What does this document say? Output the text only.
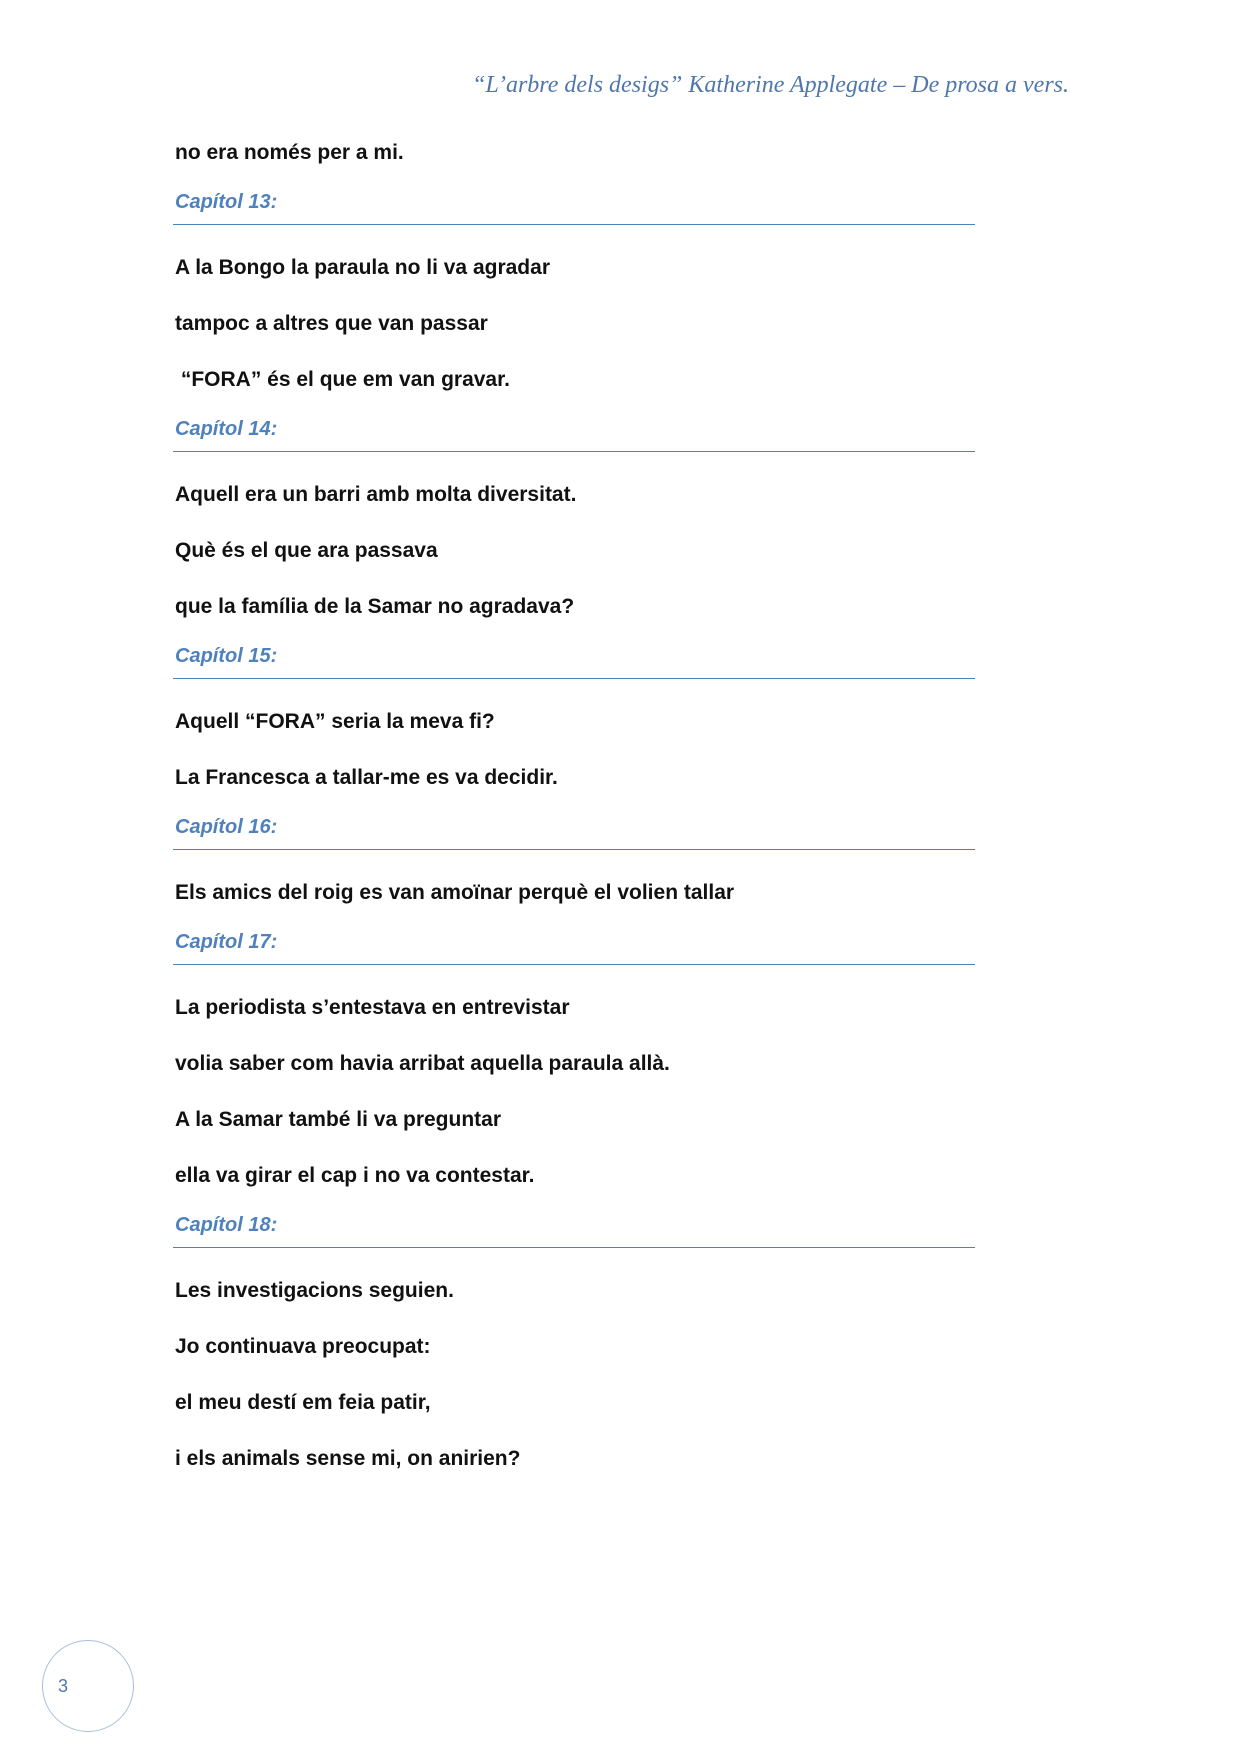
“L’arbre dels desigs” Katherine Applegate – De prosa a vers.
no era només per a mi.
Capítol 13:
A la Bongo la paraula no li va agradar
tampoc a altres que van passar
“FORA” és el que em van gravar.
Capítol 14:
Aquell era un barri amb molta diversitat.
Què és el que ara passava
que la família de la Samar no agradava?
Capítol 15:
Aquell “FORA” seria la meva fi?
La Francesca a tallar-me es va decidir.
Capítol 16:
Els amics del roig es van amoïnar perquè el volien tallar
Capítol 17:
La periodista s’entestava en entrevistar
volia saber com havia arribat aquella paraula allà.
A la Samar també li va preguntar
ella va girar el cap i no va contestar.
Capítol 18:
Les investigacions seguien.
Jo continuava preocupat:
el meu destí em feia patir,
i els animals sense mi, on anirien?
3
